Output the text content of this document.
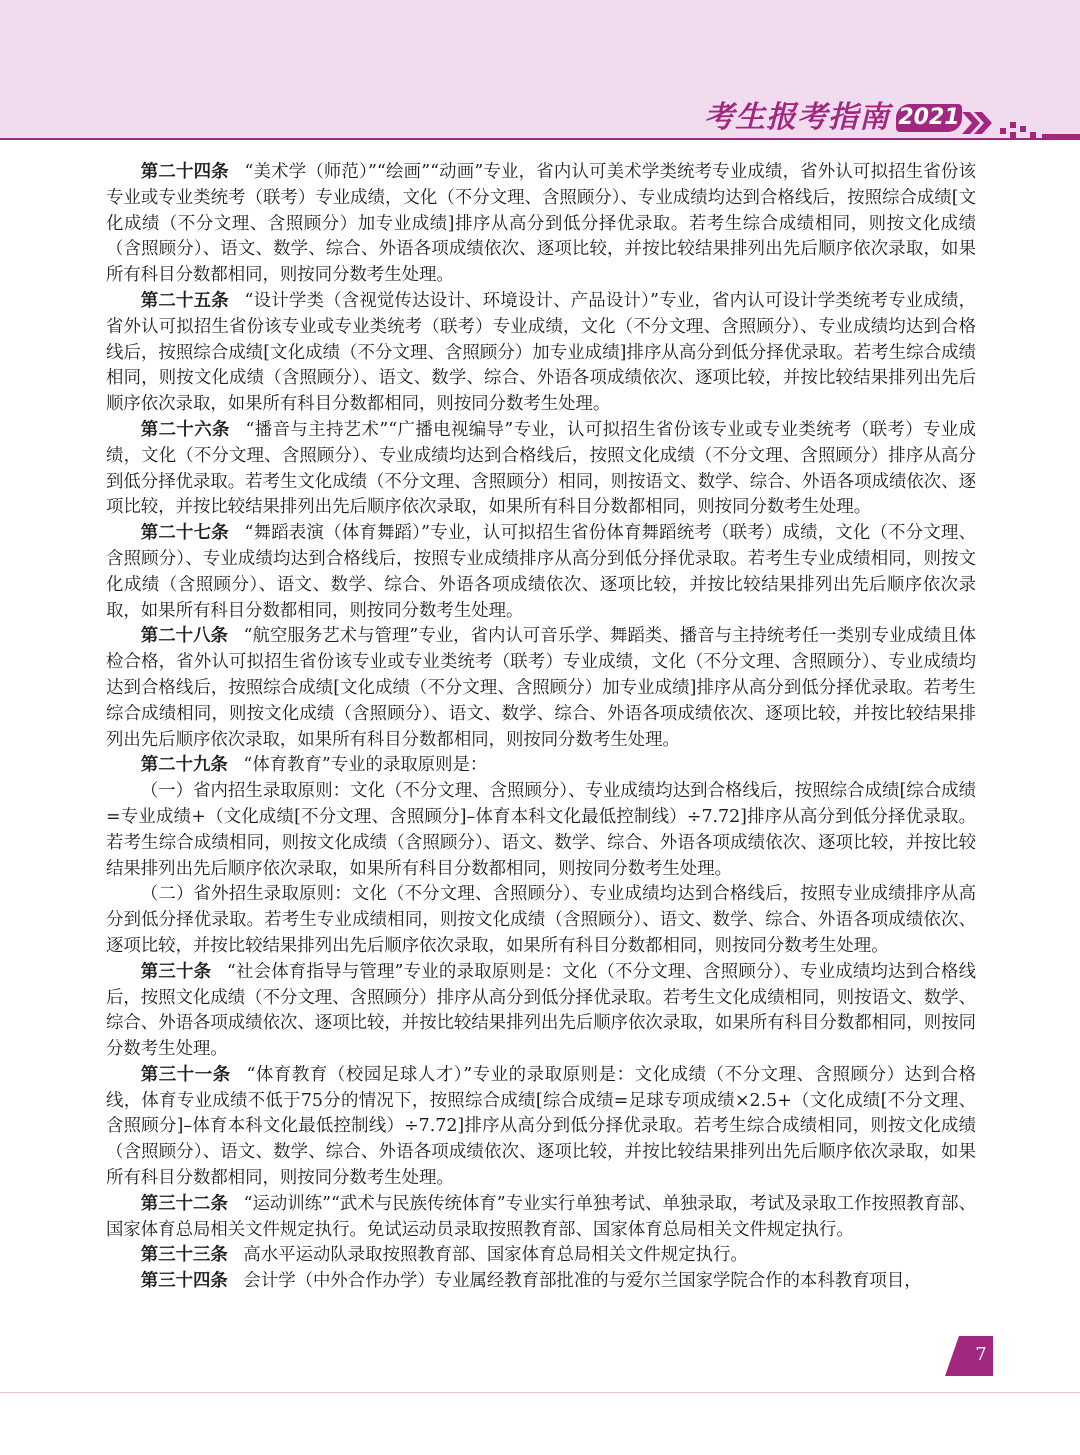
考生报考指南 2021

第二十四条 “美术学（师范）”“绘画”“动画”专业，省内认可美术学类统考专业成绩，省外认可拟招生省份该专业或专业类统考（联考）专业成绩，文化（不分文理、含照顾分）、专业成绩均达到合格线后，按照综合成绩[文化成绩（不分文理、含照顾分）加专业成绩]排序从高分到低分择优录取。若考生综合成绩相同，则按文化成绩（含照顾分）、语文、数学、综合、外语各项成绩依次、逐项比较，并按比较结果排列出先后顺序依次录取，如果所有科目分数都相同，则按同分数考生处理。

第二十五条 “设计学类（含视觉传达设计、环境设计、产品设计）”专业，省内认可设计学类统考专业成绩，省外认可拟招生省份该专业或专业类统考（联考）专业成绩，文化（不分文理、含照顾分）、专业成绩均达到合格线后，按照综合成绩[文化成绩（不分文理、含照顾分）加专业成绩]排序从高分到低分择优录取。若考生综合成绩相同，则按文化成绩（含照顾分）、语文、数学、综合、外语各项成绩依次、逐项比较，并按比较结果排列出先后顺序依次录取，如果所有科目分数都相同，则按同分数考生处理。

第二十六条 “播音与主持艺术”“广播电视编导”专业，认可拟招生省份该专业或专业类统考（联考）专业成绩，文化（不分文理、含照顾分）、专业成绩均达到合格线后，按照文化成绩（不分文理、含照顾分）排序从高分到低分择优录取。若考生文化成绩（不分文理、含照顾分）相同，则按语文、数学、综合、外语各项成绩依次、逐项比较，并按比较结果排列出先后顺序依次录取，如果所有科目分数都相同，则按同分数考生处理。

第二十七条 “舞蹈表演（体育舞蹈）”专业，认可拟招生省份体育舞蹈统考（联考）成绩，文化（不分文理、含照顾分）、专业成绩均达到合格线后，按照专业成绩排序从高分到低分择优录取。若考生专业成绩相同，则按文化成绩（含照顾分）、语文、数学、综合、外语各项成绩依次、逐项比较，并按比较结果排列出先后顺序依次录取，如果所有科目分数都相同，则按同分数考生处理。

第二十八条 “航空服务艺术与管理”专业，省内认可音乐学、舞蹈类、播音与主持统考任一类别专业成绩且体检合格，省外认可拟招生省份该专业或专业类统考（联考）专业成绩，文化（不分文理、含照顾分）、专业成绩均达到合格线后，按照综合成绩[文化成绩（不分文理、含照顾分）加专业成绩]排序从高分到低分择优录取。若考生综合成绩相同，则按文化成绩（含照顾分）、语文、数学、综合、外语各项成绩依次、逐项比较，并按比较结果排列出先后顺序依次录取，如果所有科目分数都相同，则按同分数考生处理。

第二十九条 “体育教育”专业的录取原则是：

（一）省内招生录取原则：文化（不分文理、含照顾分）、专业成绩均达到合格线后，按照综合成绩[综合成绩=专业成绩+（文化成绩[不分文理、含照顾分]–体育本科文化最低控制线）÷7.72]排序从高分到低分择优录取。若考生综合成绩相同，则按文化成绩（含照顾分）、语文、数学、综合、外语各项成绩依次、逐项比较，并按比较结果排列出先后顺序依次录取，如果所有科目分数都相同，则按同分数考生处理。

（二）省外招生录取原则：文化（不分文理、含照顾分）、专业成绩均达到合格线后，按照专业成绩排序从高分到低分择优录取。若考生专业成绩相同，则按文化成绩（含照顾分）、语文、数学、综合、外语各项成绩依次、逐项比较，并按比较结果排列出先后顺序依次录取，如果所有科目分数都相同，则按同分数考生处理。

第三十条 “社会体育指导与管理”专业的录取原则是：文化（不分文理、含照顾分）、专业成绩均达到合格线后，按照文化成绩（不分文理、含照顾分）排序从高分到低分择优录取。若考生文化成绩相同，则按语文、数学、综合、外语各项成绩依次、逐项比较，并按比较结果排列出先后顺序依次录取，如果所有科目分数都相同，则按同分数考生处理。

第三十一条 “体育教育（校园足球人才）”专业的录取原则是：文化成绩（不分文理、含照顾分）达到合格线，体育专业成绩不低于75分的情况下，按照综合成绩[综合成绩=足球专项成绩×2.5+（文化成绩[不分文理、含照顾分]–体育本科文化最低控制线）÷7.72]排序从高分到低分择优录取。若考生综合成绩相同，则按文化成绩（含照顾分）、语文、数学、综合、外语各项成绩依次、逐项比较，并按比较结果排列出先后顺序依次录取，如果所有科目分数都相同，则按同分数考生处理。

第三十二条 “运动训练”“武术与民族传统体育”专业实行单独考试、单独录取，考试及录取工作按照教育部、国家体育总局相关文件规定执行。免试运动员录取按照教育部、国家体育总局相关文件规定执行。

第三十三条 高水平运动队录取按照教育部、国家体育总局相关文件规定执行。

第三十四条 会计学（中外合作办学）专业属经教育部批准的与爱尔兰国家学院合作的本科教育项目，

7
